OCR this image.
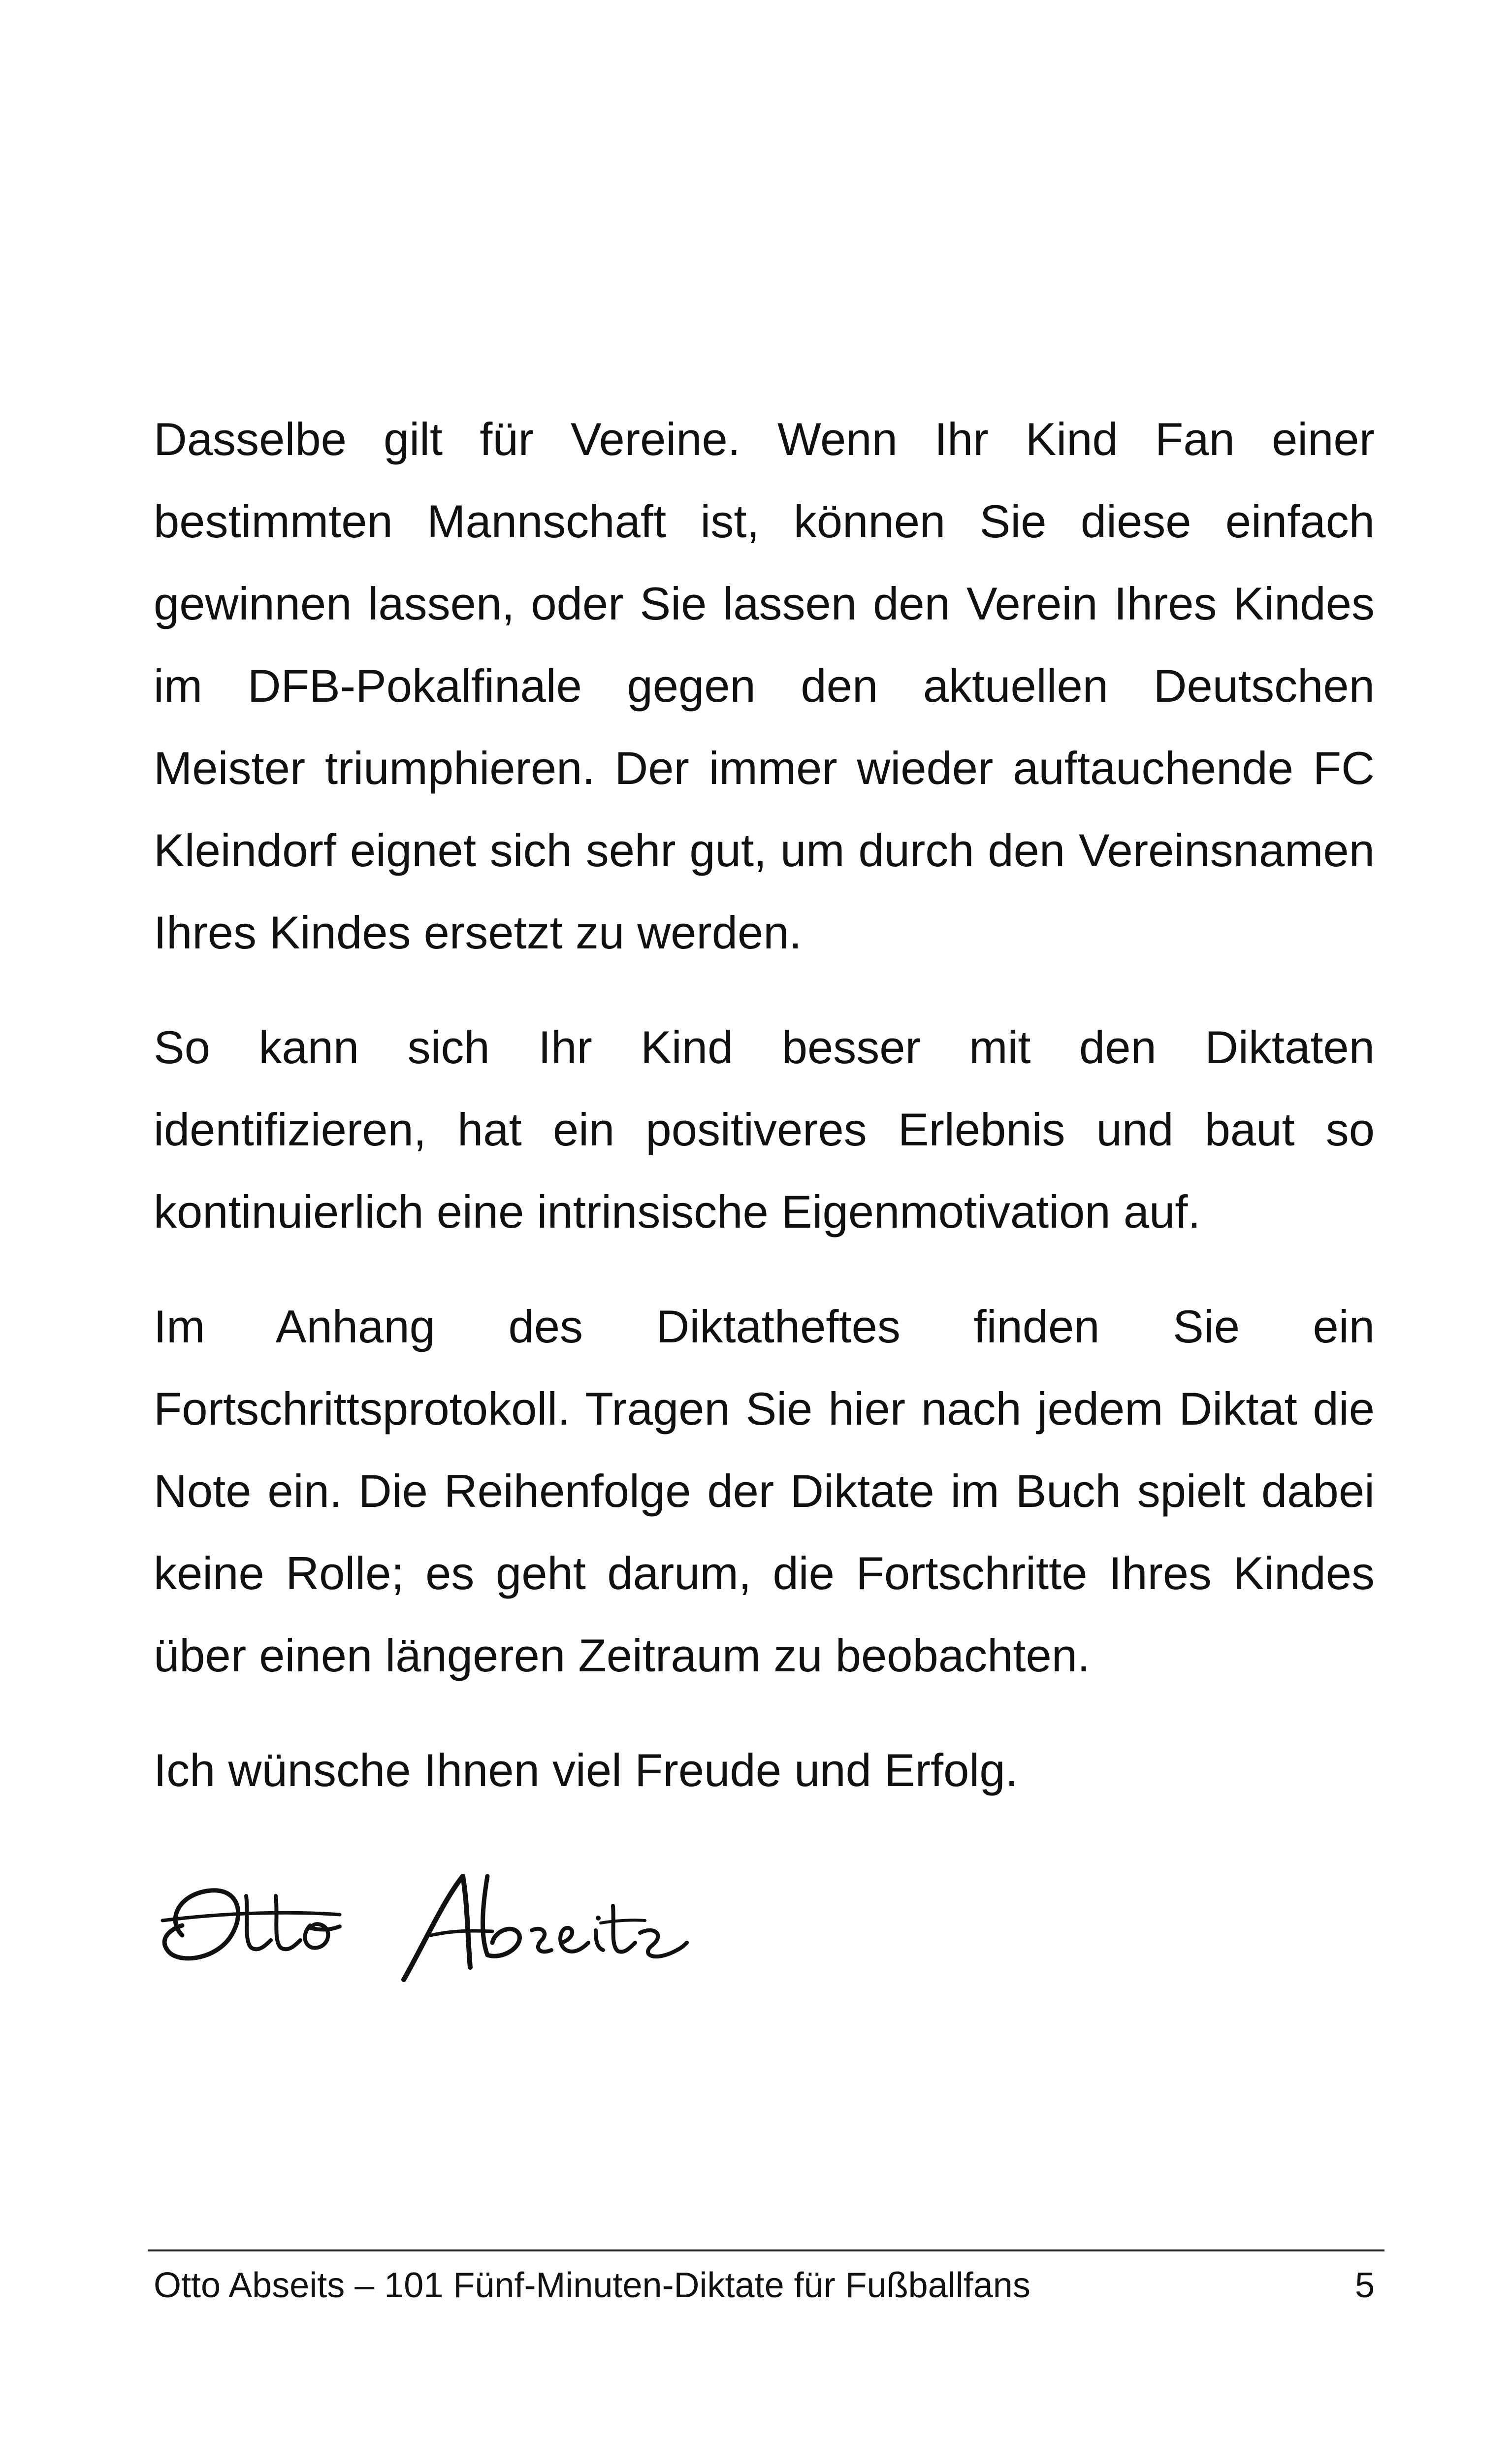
Dasselbe gilt für Vereine. Wenn Ihr Kind Fan einer bestimmten Mannschaft ist, können Sie diese einfach gewinnen lassen, oder Sie lassen den Verein Ihres Kindes im DFB-Pokalfinale gegen den aktuellen Deutschen Meister triumphieren. Der immer wieder auftauchende FC Kleindorf eignet sich sehr gut, um durch den Vereinsnamen Ihres Kindes ersetzt zu werden.

So kann sich Ihr Kind besser mit den Diktaten identifizieren, hat ein positiveres Erlebnis und baut so kontinuierlich eine intrinsische Eigenmotivation auf.

Im Anhang des Diktatheftes finden Sie ein Fortschrittsprotokoll. Tragen Sie hier nach jedem Diktat die Note ein. Die Reihenfolge der Diktate im Buch spielt dabei keine Rolle; es geht darum, die Fortschritte Ihres Kindes über einen längeren Zeitraum zu beobachten.

Ich wünsche Ihnen viel Freude und Erfolg.

Otto Abseits – 101 Fünf-Minuten-Diktate für Fußballfans	5
